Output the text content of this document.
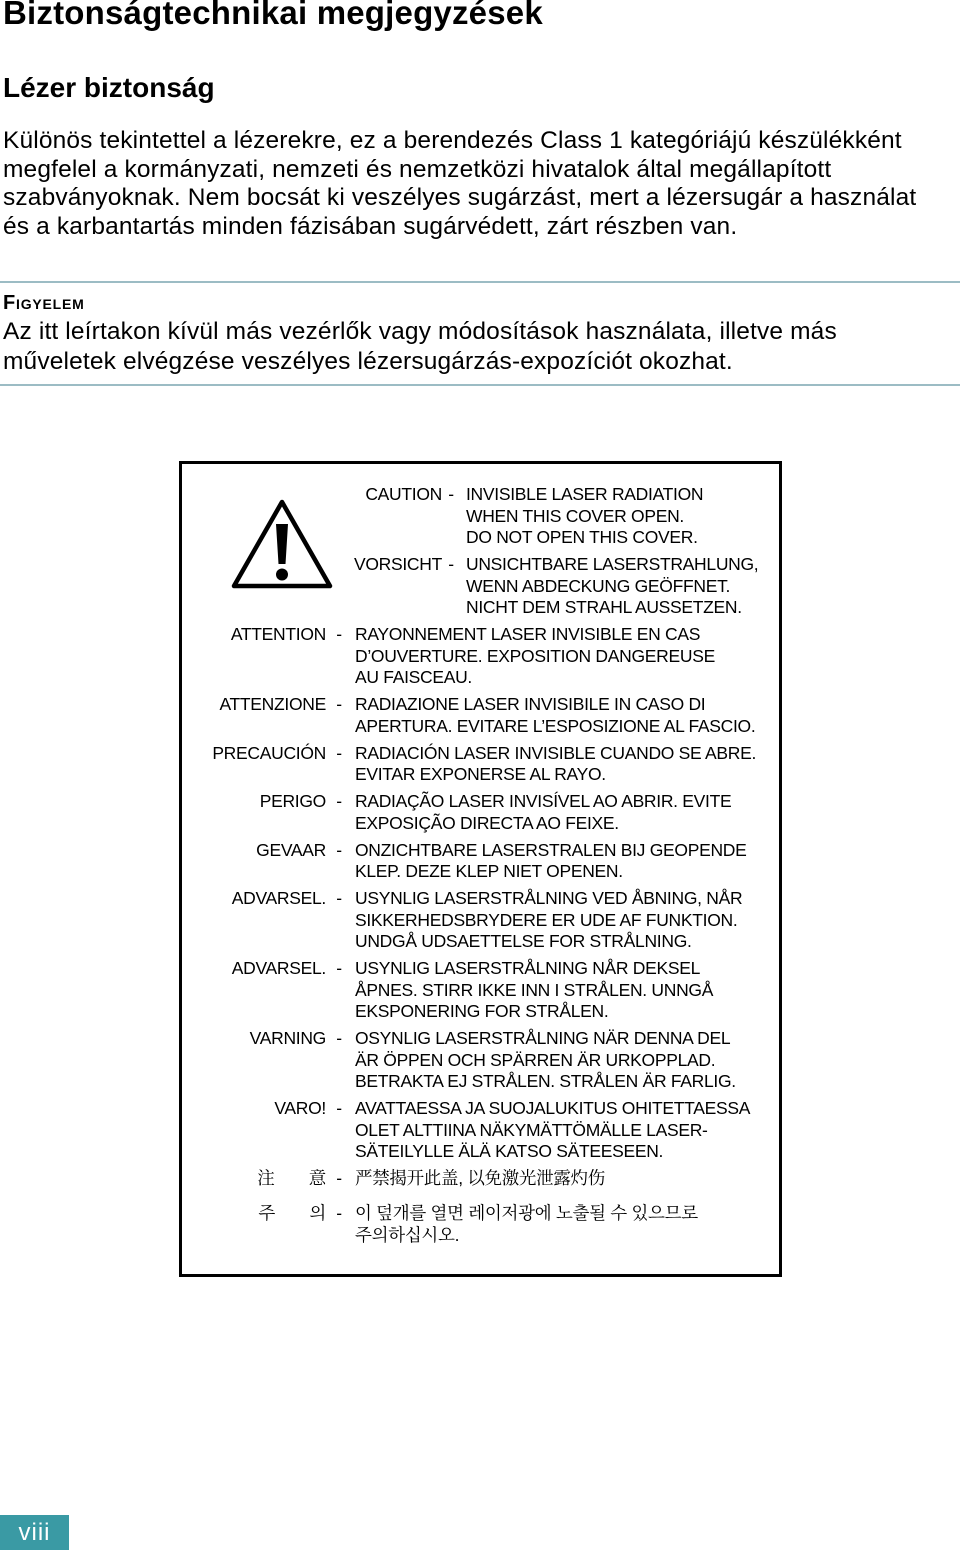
Biztonságtechnikai megjegyzések
Lézer biztonság

Különös tekintettel a lézerekre, ez a berendezés Class 1 kategóriájú készülékként
megfelel a kormányzati, nemzeti és nemzetközi hivatalok által megállapított
szabványoknak. Nem bocsát ki veszélyes sugárzást, mert a lézersugár a használat
és a karbantartás minden fázisában sugárvédett, zárt részben van.

Figyelem

Az itt leírtakon kívül más vezérlők vagy módosítások használata, illetve más
műveletek elvégzése veszélyes lézersugárzás-expozíciót okozhat.

CAUTION - INVISIBLE LASER RADIATION
WHEN THIS COVER OPEN.
DO NOT OPEN THIS COVER.
VORSICHT - UNSICHTBARE LASERSTRAHLUNG,
WENN ABDECKUNG GEÖFFNET.
NICHT DEM STRAHL AUSSETZEN.
ATTENTION - RAYONNEMENT LASER INVISIBLE EN CAS
D’OUVERTURE. EXPOSITION DANGEREUSE
AU FAISCEAU.
ATTENZIONE - RADIAZIONE LASER INVISIBILE IN CASO DI
APERTURA. EVITARE L’ESPOSIZIONE AL FASCIO.
PRECAUCIÓN - RADIACIÓN LASER INVISIBLE CUANDO SE ABRE.
EVITAR EXPONERSE AL RAYO.
PERIGO - RADIAÇÃO LASER INVISÍVEL AO ABRIR. EVITE
EXPOSIÇÃO DIRECTA AO FEIXE.
GEVAAR - ONZICHTBARE LASERSTRALEN BIJ GEOPENDE
KLEP. DEZE KLEP NIET OPENEN.
ADVARSEL. - USYNLIG LASERSTRÅLNING VED ÅBNING, NÅR
SIKKERHEDSBRYDERE ER UDE AF FUNKTION.
UNDGÅ UDSAETTELSE FOR STRÅLNING.
ADVARSEL. - USYNLIG LASERSTRÅLNING NÅR DEKSEL
ÅPNES. STIRR IKKE INN I STRÅLEN. UNNGÅ
EKSPONERING FOR STRÅLEN.
VARNING - OSYNLIG LASERSTRÅLNING NÄR DENNA DEL
ÄR ÖPPEN OCH SPÄRREN ÄR URKOPPLAD.
BETRAKTA EJ STRÅLEN. STRÅLEN ÄR FARLIG.
VARO! - AVATTAESSA JA SUOJALUKITUS OHITETTAESSA
OLET ALTTIINA NÄKYMÄTTÖMÄLLE LASER-
SÄTEILYLLE ÄLÄ KATSO SÄTEESEEN.
注　　意 - 严禁揭开此盖, 以免激光泄露灼伤
주　　의 - 이 덮개를 열면 레이저광에 노출될 수 있으므로
주의하십시오.
viii
